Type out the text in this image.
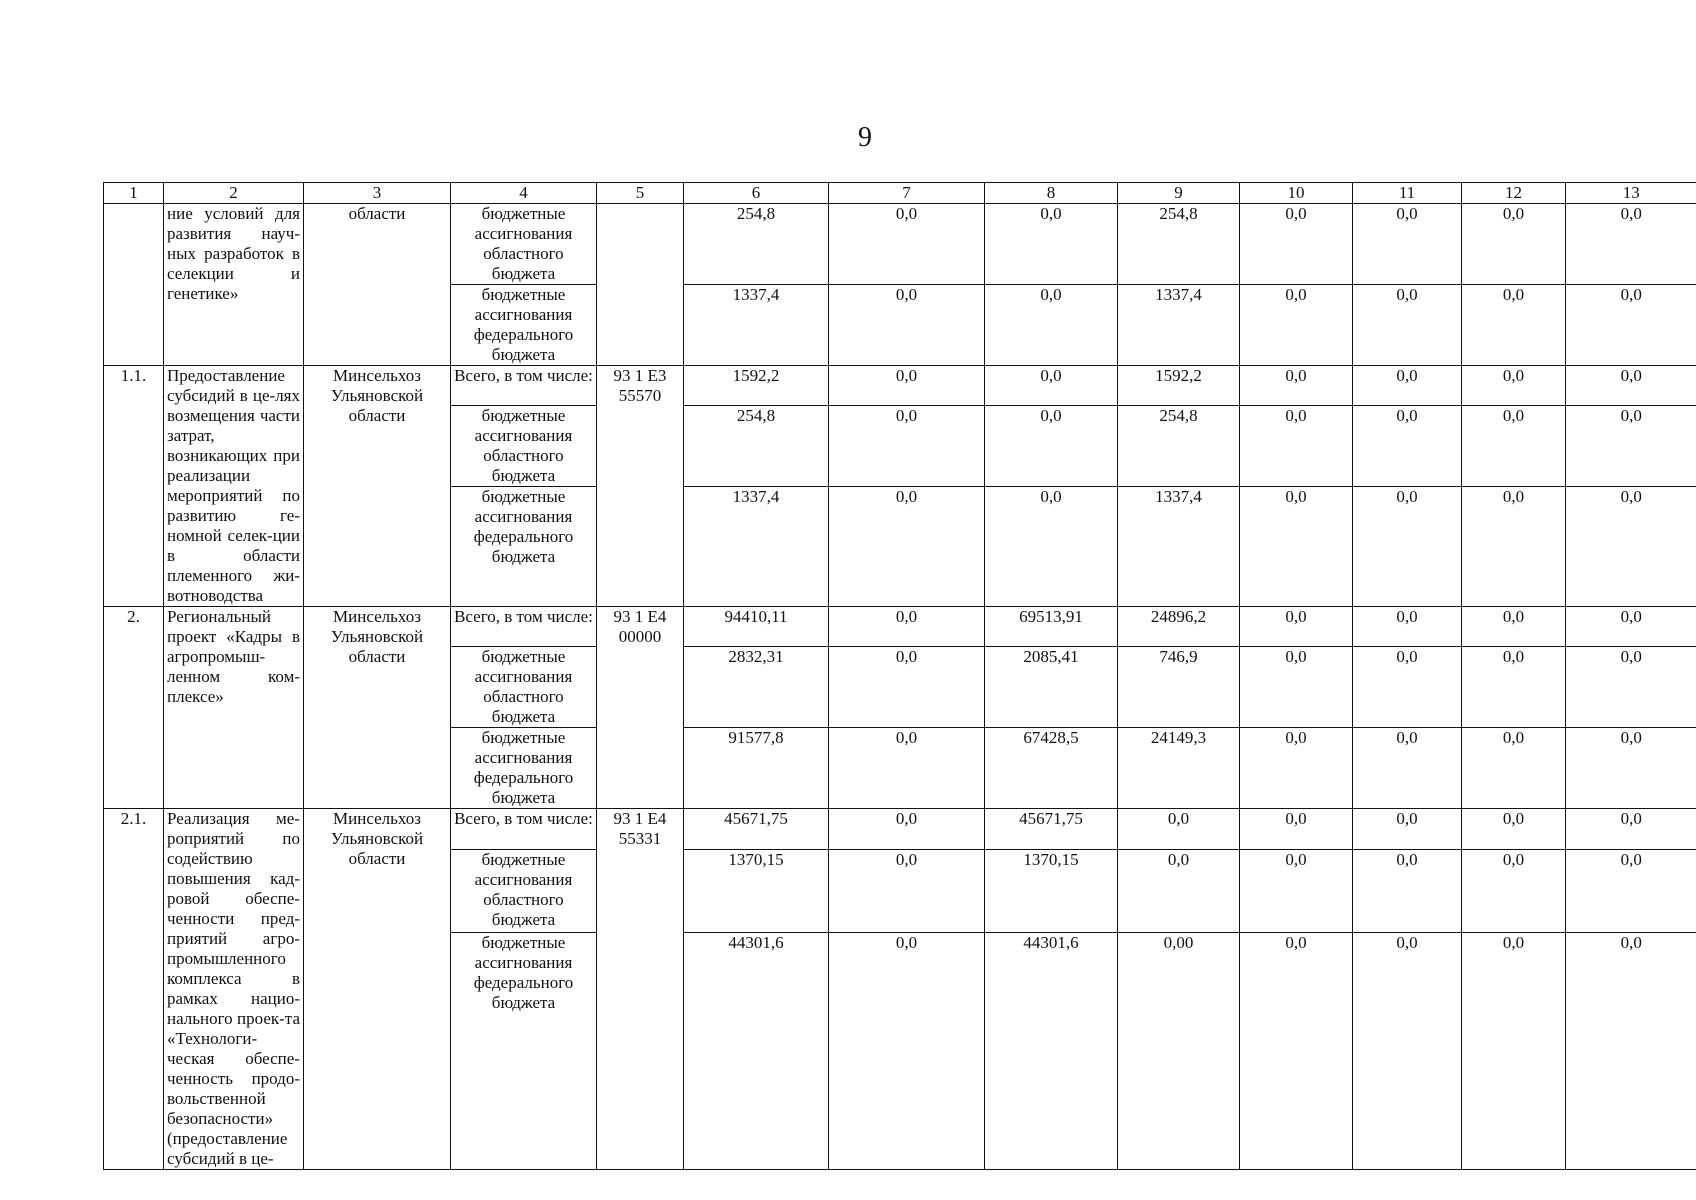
9
1	2	3	4	5	6	7	8	9	10	11	12	13
	ние условий для развития науч-ных разработок в селекции и генетике»	области	бюджетные ассигнования областного бюджета		254,8	0,0	0,0	254,8	0,0	0,0	0,0	0,0
			бюджетные ассигнования федерального бюджета		1337,4	0,0	0,0	1337,4	0,0	0,0	0,0	0,0
1.1.	Предоставление субсидий в це-лях возмещения части затрат, возникающих при реализации мероприятий по развитию ге-номной селек-ции в области племенного жи-вотноводства	Минсельхоз Ульяновской области	Всего, в том числе:	93 1 Е3 55570	1592,2	0,0	0,0	1592,2	0,0	0,0	0,0	0,0
			бюджетные ассигнования областного бюджета		254,8	0,0	0,0	254,8	0,0	0,0	0,0	0,0
			бюджетные ассигнования федерального бюджета		1337,4	0,0	0,0	1337,4	0,0	0,0	0,0	0,0
2.	Региональный проект «Кадры в агропромыш-ленном ком-плексе»	Минсельхоз Ульяновской области	Всего, в том числе:	93 1 Е4 00000	94410,11	0,0	69513,91	24896,2	0,0	0,0	0,0	0,0
			бюджетные ассигнования областного бюджета		2832,31	0,0	2085,41	746,9	0,0	0,0	0,0	0,0
			бюджетные ассигнования федерального бюджета		91577,8	0,0	67428,5	24149,3	0,0	0,0	0,0	0,0
2.1.	Реализация ме-роприятий по содействию повышения кад-ровой обеспе-ченности пред-приятий агро-промышленного комплекса в рамках нацио-нального проек-та «Технологи-ческая обеспе-ченность продо-вольственной безопасности» (предоставление субсидий в це-	Минсельхоз Ульяновской области	Всего, в том числе:	93 1 Е4 55331	45671,75	0,0	45671,75	0,0	0,0	0,0	0,0	0,0
			бюджетные ассигнования областного бюджета		1370,15	0,0	1370,15	0,0	0,0	0,0	0,0	0,0
			бюджетные ассигнования федерального бюджета		44301,6	0,0	44301,6	0,00	0,0	0,0	0,0	0,0
